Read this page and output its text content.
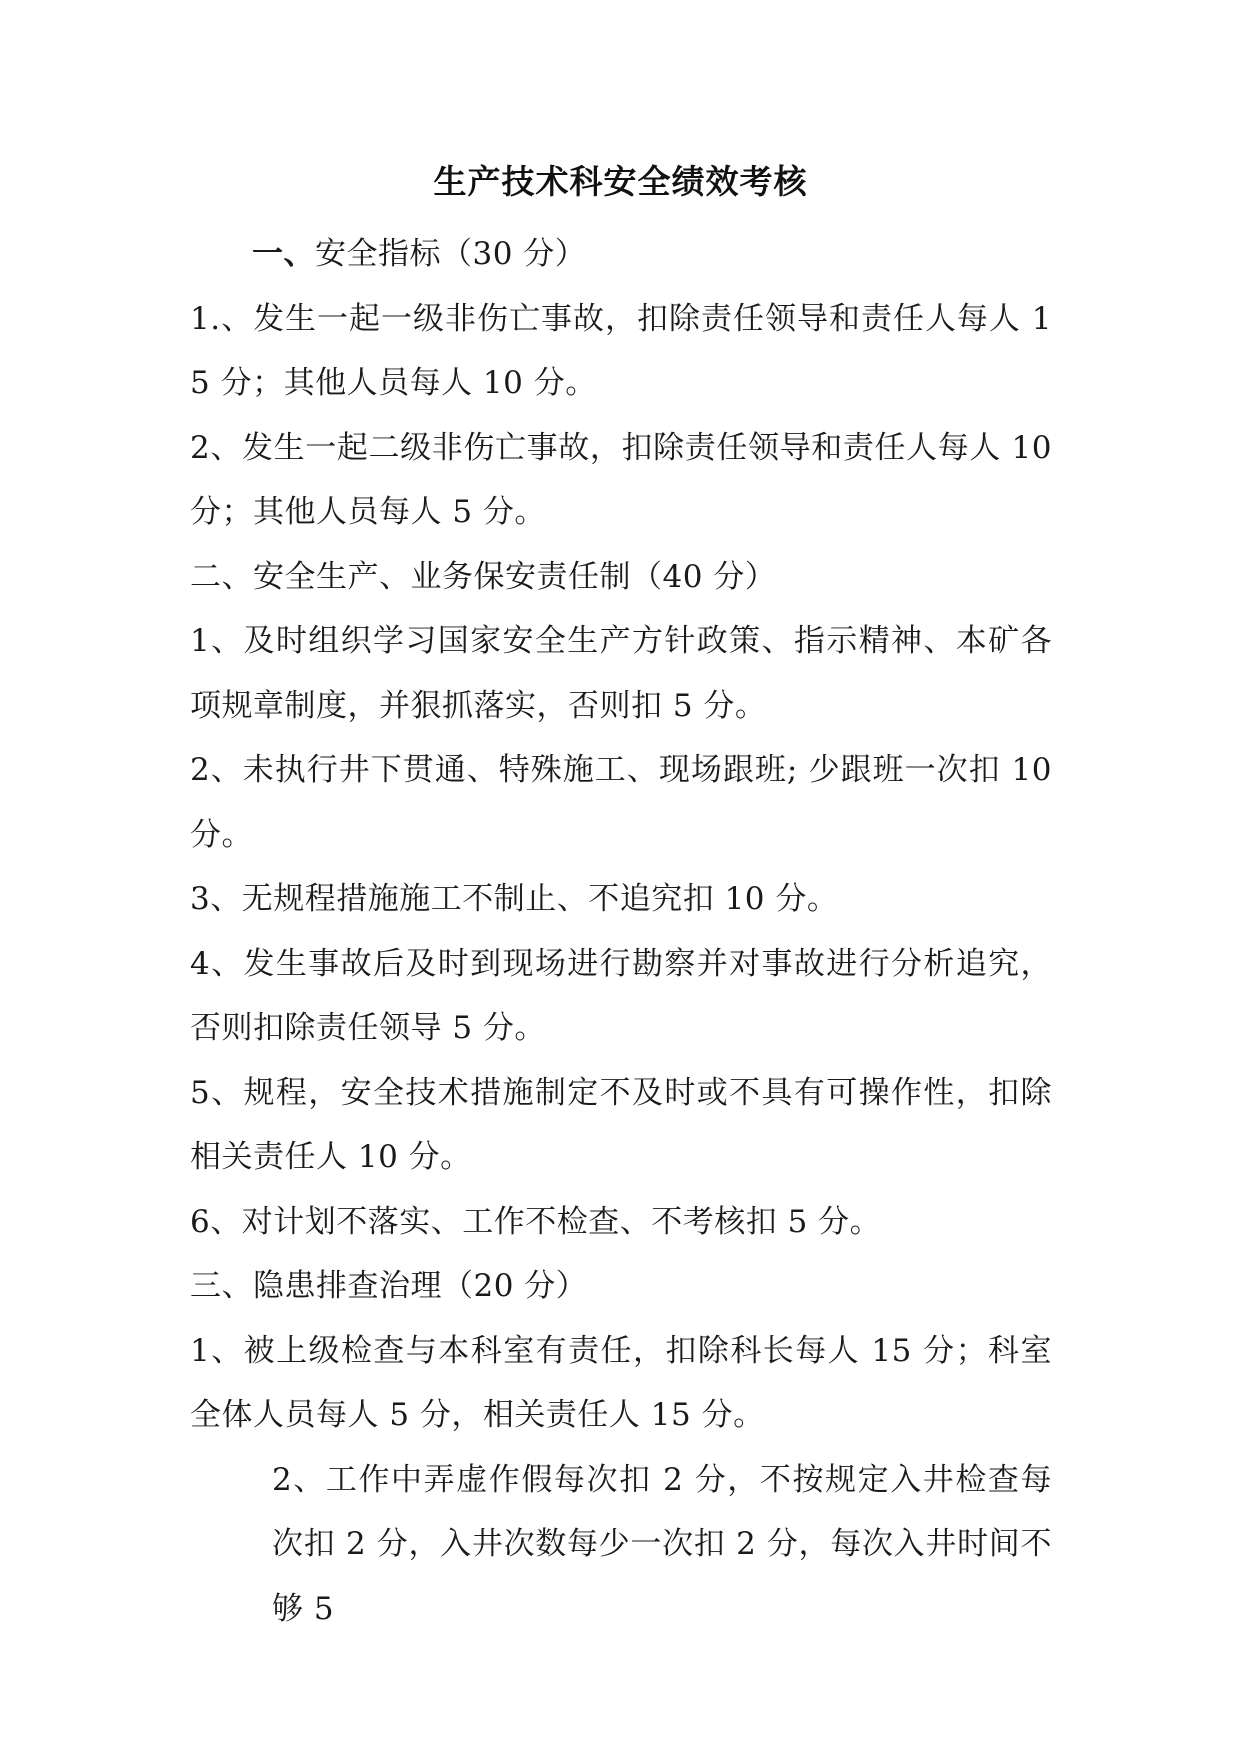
生产技术科安全绩效考核

一、安全指标（30 分）

1.、发生一起一级非伤亡事故，扣除责任领导和责任人每人 15 分；其他人员每人 10 分。

2、发生一起二级非伤亡事故，扣除责任领导和责任人每人 10 分；其他人员每人 5 分。

二、安全生产、业务保安责任制（40 分）

1、及时组织学习国家安全生产方针政策、指示精神、本矿各项规章制度，并狠抓落实，否则扣 5 分。

2、未执行井下贯通、特殊施工、现场跟班; 少跟班一次扣 10 分。

3、无规程措施施工不制止、不追究扣 10 分。

4、发生事故后及时到现场进行勘察并对事故进行分析追究，否则扣除责任领导 5 分。

5、规程，安全技术措施制定不及时或不具有可操作性，扣除相关责任人 10 分。

6、对计划不落实、工作不检查、不考核扣 5 分。

三、隐患排查治理（20 分）

1、被上级检查与本科室有责任，扣除科长每人 15 分；科室全体人员每人 5 分，相关责任人 15 分。

2、工作中弄虚作假每次扣 2 分，不按规定入井检查每次扣 2 分，入井次数每少一次扣 2 分，每次入井时间不够 5
